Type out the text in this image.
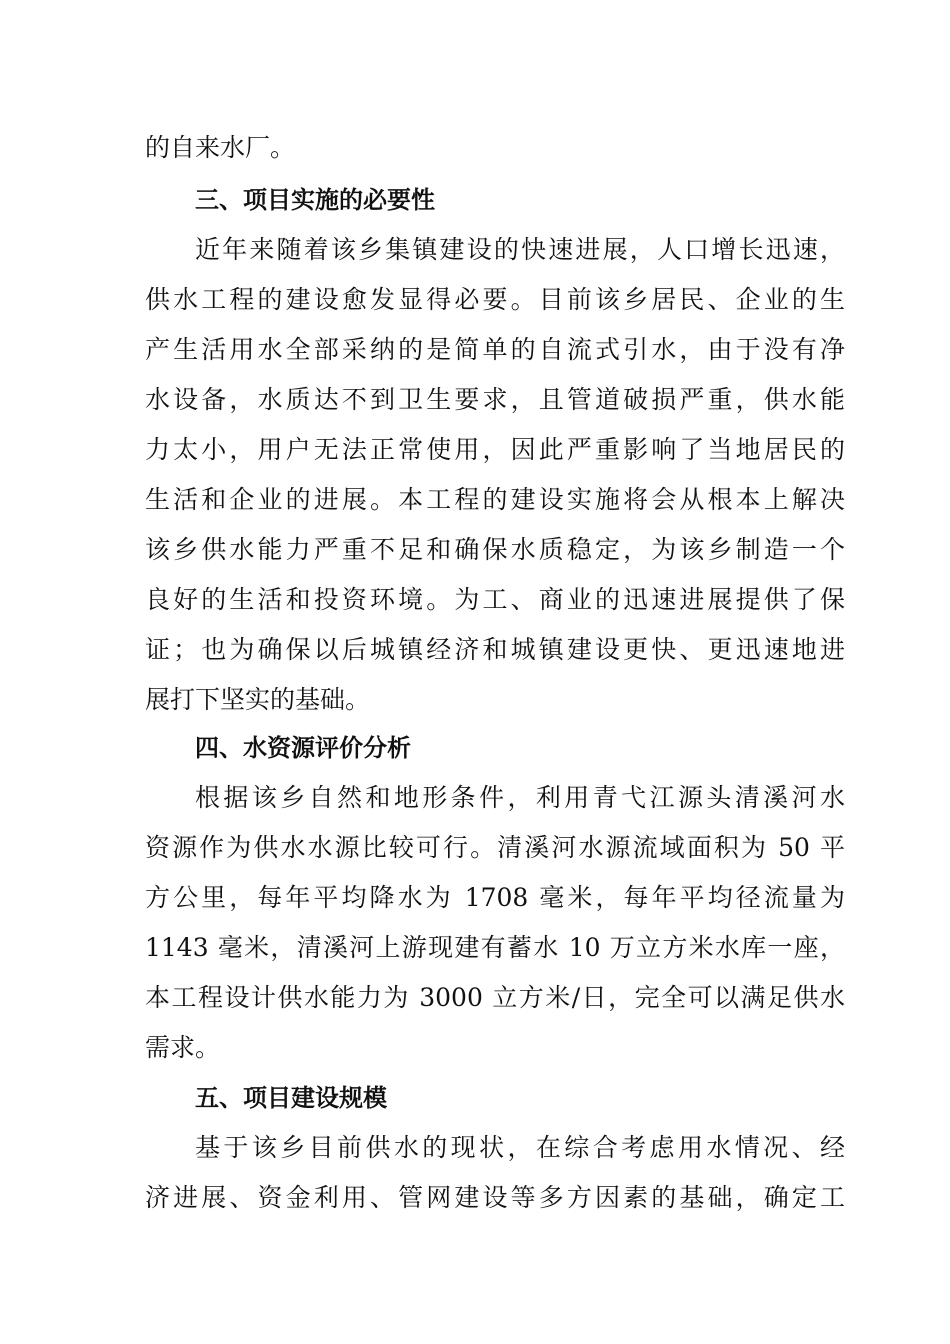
的自来水厂。
三、项目实施的必要性
近年来随着该乡集镇建设的快速进展，人口增长迅速，
供水工程的建设愈发显得必要。目前该乡居民、企业的生
产生活用水全部采纳的是简单的自流式引水，由于没有净
水设备，水质达不到卫生要求，且管道破损严重，供水能
力太小，用户无法正常使用，因此严重影响了当地居民的
生活和企业的进展。本工程的建设实施将会从根本上解决
该乡供水能力严重不足和确保水质稳定，为该乡制造一个
良好的生活和投资环境。为工、商业的迅速进展提供了保
证；也为确保以后城镇经济和城镇建设更快、更迅速地进
展打下坚实的基础。
四、水资源评价分析
根据该乡自然和地形条件，利用青弋江源头清溪河水
资源作为供水水源比较可行。清溪河水源流域面积为 50 平
方公里，每年平均降水为 1708 毫米，每年平均径流量为
1143 毫米，清溪河上游现建有蓄水 10 万立方米水库一座，
本工程设计供水能力为 3000 立方米/日，完全可以满足供水
需求。
五、项目建设规模
基于该乡目前供水的现状，在综合考虑用水情况、经
济进展、资金利用、管网建设等多方因素的基础，确定工
